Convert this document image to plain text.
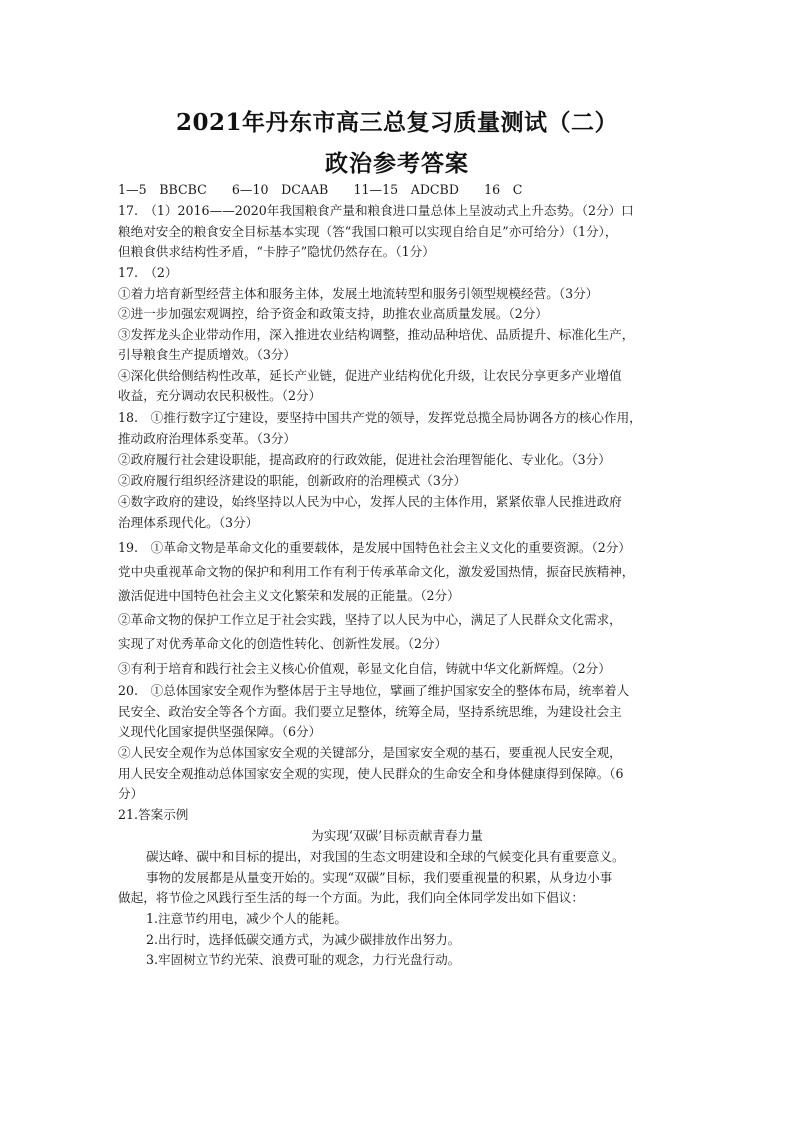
2021年丹东市高三总复习质量测试（二）
政治参考答案
1—5　BBCBC　　6—10　DCAAB　　11—15　ADCBD　　16　C
17.　（1）2016——2020年我国粮食产量和粮食进口量总体上呈波动式上升态势。（2分）口
粮绝对安全的粮食安全目标基本实现（答“我国口粮可以实现自给自足”亦可给分）（1分），
但粮食供求结构性矛盾，“卡脖子”隐忧仍然存在。（1分）
17.　（2）
①着力培育新型经营主体和服务主体，发展土地流转型和服务引领型规模经营。（3分）
②进一步加强宏观调控，给予资金和政策支持，助推农业高质量发展。（2分）
③发挥龙头企业带动作用，深入推进农业结构调整，推动品种培优、品质提升、标准化生产，
引导粮食生产提质增效。（3分）
④深化供给侧结构性改革，延长产业链，促进产业结构优化升级，让农民分享更多产业增值
收益，充分调动农民积极性。（2分）
18.　①推行数字辽宁建设，要坚持中国共产党的领导，发挥党总揽全局协调各方的核心作用，
推动政府治理体系变革。（3分）
②政府履行社会建设职能，提高政府的行政效能，促进社会治理智能化、专业化。（3分）
②政府履行组织经济建设的职能，创新政府的治理模式（3分）
④数字政府的建设，始终坚持以人民为中心，发挥人民的主体作用，紧紧依靠人民推进政府
治理体系现代化。（3分）
19.　①革命文物是革命文化的重要载体，是发展中国特色社会主义文化的重要资源。（2分）
党中央重视革命文物的保护和利用工作有利于传承革命文化，激发爱国热情，振奋民族精神，
激活促进中国特色社会主义文化繁荣和发展的正能量。（2分）
②革命文物的保护工作立足于社会实践，坚持了以人民为中心，满足了人民群众文化需求，
实现了对优秀革命文化的创造性转化、创新性发展。（2分）
③有利于培育和践行社会主义核心价值观，彰显文化自信，铸就中华文化新辉煌。（2分）
20.　①总体国家安全观作为整体居于主导地位，擘画了维护国家安全的整体布局，统率着人
民安全、政治安全等各个方面。我们要立足整体，统筹全局，坚持系统思维，为建设社会主
义现代化国家提供坚强保障。（6分）
②人民安全观作为总体国家安全观的关键部分，是国家安全观的基石，要重视人民安全观，
用人民安全观推动总体国家安全观的实现，使人民群众的生命安全和身体健康得到保障。（6
分）
21.答案示例
为实现‘双碳’目标贡献青春力量
碳达峰、碳中和目标的提出，对我国的生态文明建设和全球的气候变化具有重要意义。
事物的发展都是从量变开始的。实现“双碳”目标，我们要重视量的积累，从身边小事
做起，将节俭之风践行至生活的每一个方面。为此，我们向全体同学发出如下倡议：
1.注意节约用电，减少个人的能耗。
2.出行时，选择低碳交通方式，为减少碳排放作出努力。
3.牢固树立节约光荣、浪费可耻的观念，力行光盘行动。
